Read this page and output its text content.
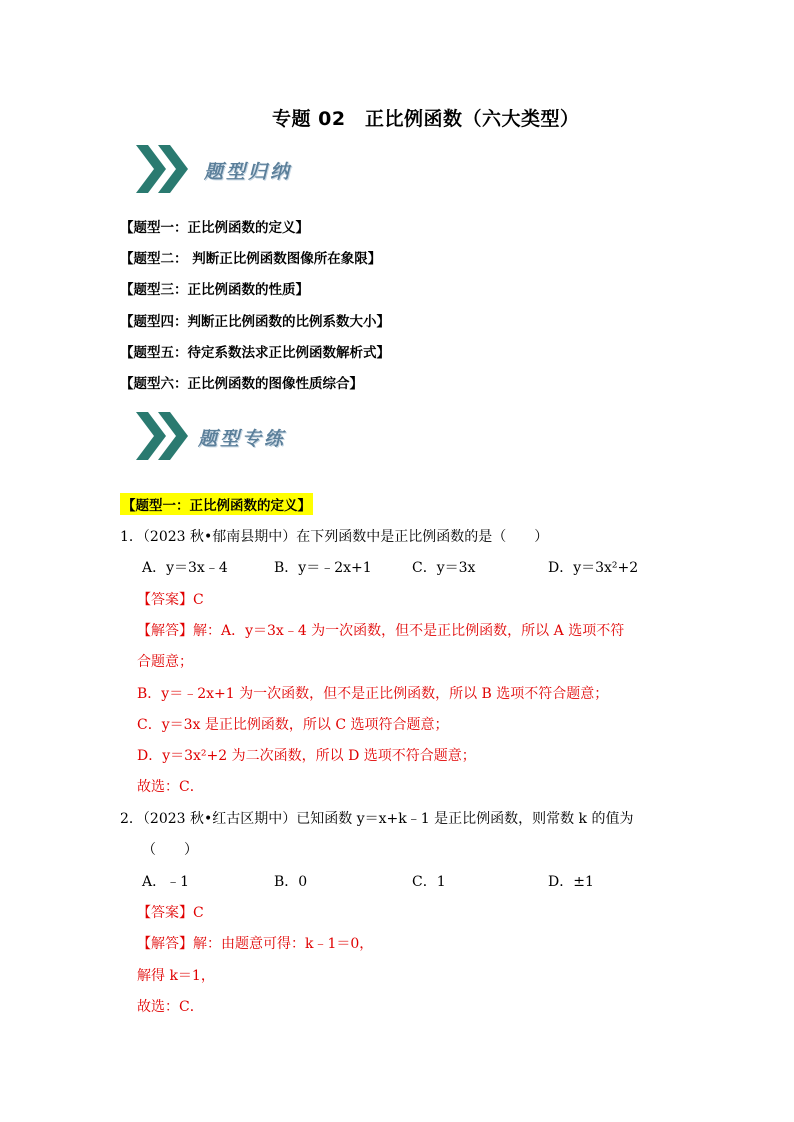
专题 02　正比例函数（六大类型）
题型归纳
【题型一：正比例函数的定义】
【题型二： 判断正比例函数图像所在象限】
【题型三：正比例函数的性质】
【题型四：判断正比例函数的比例系数大小】
【题型五：待定系数法求正比例函数解析式】
【题型六：正比例函数的图像性质综合】
题型专练
【题型一：正比例函数的定义】
1．（2023 秋•郁南县期中）在下列函数中是正比例函数的是（　　）
A．y＝3x﹣4	B．y＝﹣2x+1	C．y＝3x	D．y＝3x²+2
【答案】C
【解答】解：A．y＝3x﹣4 为一次函数，但不是正比例函数，所以 A 选项不符
合题意；
B．y＝﹣2x+1 为一次函数，但不是正比例函数，所以 B 选项不符合题意；
C．y＝3x 是正比例函数，所以 C 选项符合题意；
D．y＝3x²+2 为二次函数，所以 D 选项不符合题意；
故选：C．
2．（2023 秋•红古区期中）已知函数 y＝x+k﹣1 是正比例函数，则常数 k 的值为
（　　）
A．﹣1	B．0	C．1	D．±1
【答案】C
【解答】解：由题意可得：k﹣1＝0，
解得 k＝1，
故选：C．
